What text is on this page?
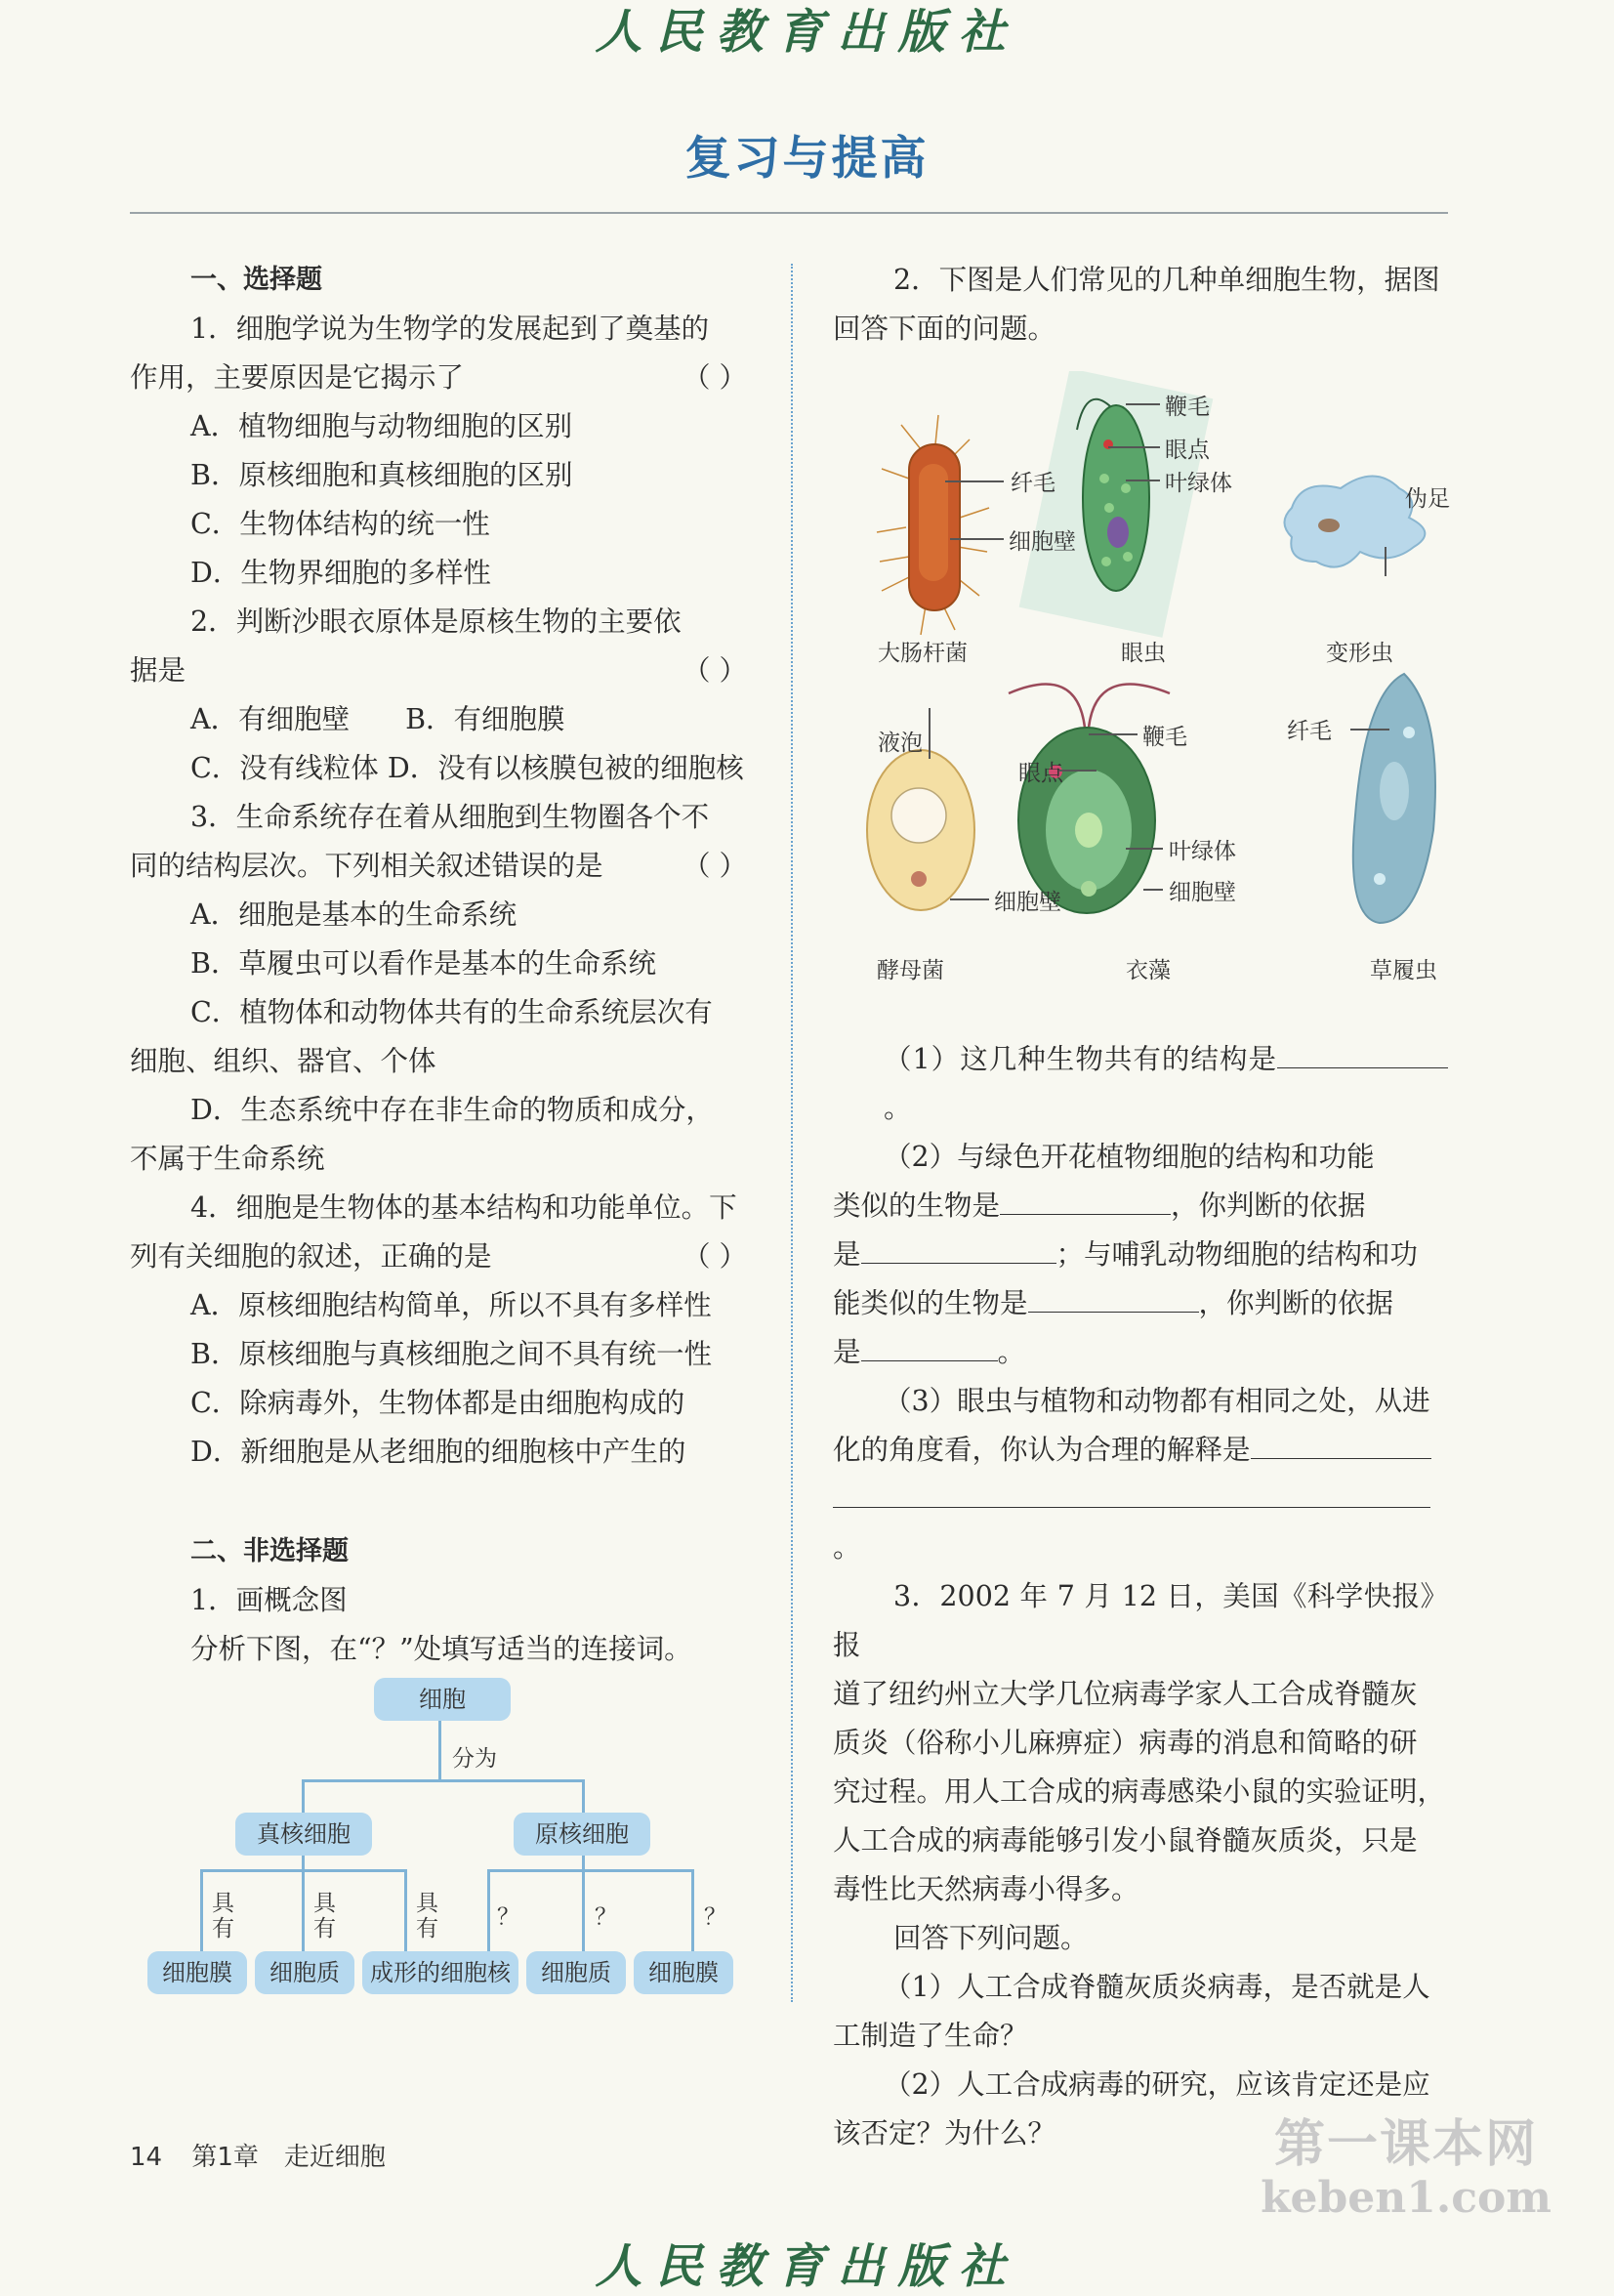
人民教育出版社
复习与提高

一、选择题

1．细胞学说为生物学的发展起到了奠基的

作用，主要原因是它揭示了	（ ）

A．植物细胞与动物细胞的区别

B．原核细胞和真核细胞的区别

C．生物体结构的统一性

D．生物界细胞的多样性

2．判断沙眼衣原体是原核生物的主要依

据是	（ ）

A．有细胞壁　　B．有细胞膜

C．没有线粒体 D．没有以核膜包被的细胞核

3．生命系统存在着从细胞到生物圈各个不

同的结构层次。下列相关叙述错误的是	（ ）

A．细胞是基本的生命系统

B．草履虫可以看作是基本的生命系统

C．植物体和动物体共有的生命系统层次有

细胞、组织、器官、个体

D．生态系统中存在非生命的物质和成分，

不属于生命系统

4．细胞是生物体的基本结构和功能单位。下

列有关细胞的叙述，正确的是	（ ）

A．原核细胞结构简单，所以不具有多样性

B．原核细胞与真核细胞之间不具有统一性

C．除病毒外，生物体都是由细胞构成的

D．新细胞是从老细胞的细胞核中产生的

二、非选择题

1．画概念图

分析下图，在“？”处填写适当的连接词。

细胞
分为
真核细胞	原核细胞
具有
具有
具有	？	？	？
细胞膜	细胞质	成形的细胞核	细胞质	细胞膜

2．下图是人们常见的几种单细胞生物，据图

回答下面的问题。

纤毛
细胞壁
鞭毛
眼点
叶绿体
伪足
大肠杆菌	眼虫	变形虫
液泡
细胞壁
鞭毛
眼点
叶绿体
细胞壁
纤毛
酵母菌	衣藻	草履虫

（1）这几种生物共有的结构是。

（2）与绿色开花植物细胞的结构和功能

类似的生物是	，你判断的依据

是	；与哺乳动物细胞的结构和功

能类似的生物是	，你判断的依据

是	。

（3）眼虫与植物和动物都有相同之处，从进

化的角度看，你认为合理的解释是

。

3．2002 年 7 月 12 日，美国《科学快报》报

道了纽约州立大学几位病毒学家人工合成脊髓灰

质炎（俗称小儿麻痹症）病毒的消息和简略的研

究过程。用人工合成的病毒感染小鼠的实验证明，

人工合成的病毒能够引发小鼠脊髓灰质炎，只是

毒性比天然病毒小得多。

回答下列问题。

（1）人工合成脊髓灰质炎病毒，是否就是人

工制造了生命？

（2）人工合成病毒的研究，应该肯定还是应

该否定？为什么？

14 第1章　走近细胞	第一课本网
keben1.com
人民教育出版社
